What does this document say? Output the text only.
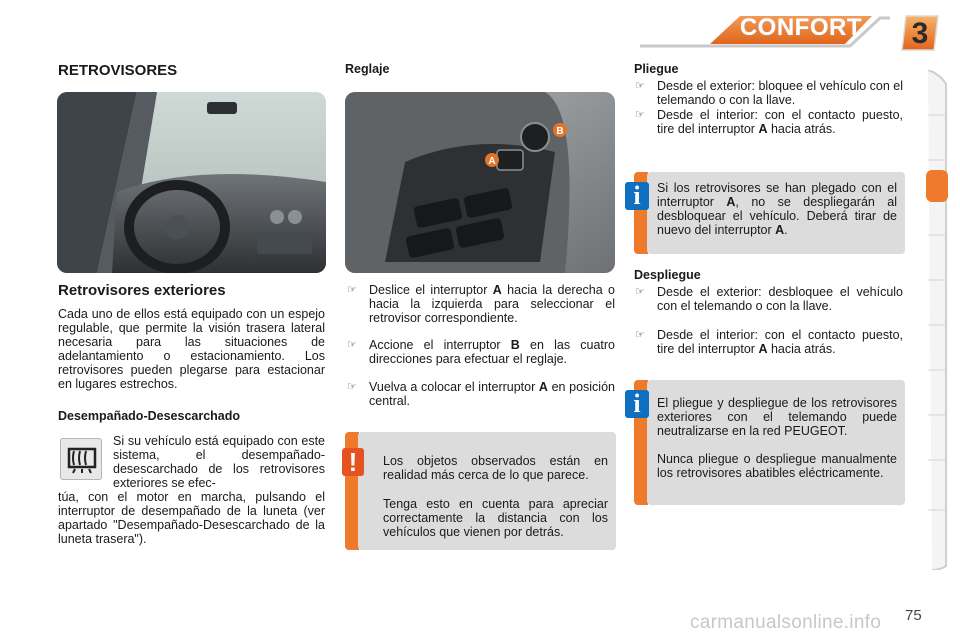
CONFORT	3
RETROVISORES
Retrovisores exteriores
Cada uno de ellos está equipado con un espejo regulable, que permite la visión trasera lateral necesaria para las situaciones de adelantamiento o estacionamiento. Los retrovisores pueden plegarse para estacionar en lugares estrechos.
Desempañado-Desescarchado
Si su vehículo está equipado con este sistema, el desempañado-desescarchado de los retrovisores exteriores se efec-
túa, con el motor en marcha, pulsando el interruptor de desempañado de la luneta (ver apartado "Desempañado-Desescarchado de la luneta trasera").
Reglaje
B
A
☞ Deslice el interruptor A hacia la derecha o hacia la izquierda para seleccionar el retrovisor correspondiente.
☞ Accione el interruptor B en las cuatro direcciones para efectuar el reglaje.
☞ Vuelva a colocar el interruptor A en posición central.
Los objetos observados están en realidad más cerca de lo que parece.
Tenga esto en cuenta para apreciar correctamente la distancia con los vehículos que vienen por detrás.
!
Pliegue
☞ Desde el exterior: bloquee el vehículo con el telemando o con la llave.
☞ Desde el interior: con el contacto puesto, tire del interruptor A hacia atrás.
Si los retrovisores se han plegado con el interruptor A, no se despliegarán al desbloquear el vehículo. Deberá tirar de nuevo del interruptor A.
i
Despliegue
☞ Desde el exterior: desbloquee el vehículo con el telemando o con la llave.
☞ Desde el interior: con el contacto puesto, tire del interruptor A hacia atrás.
El pliegue y despliegue de los retrovisores exteriores con el telemando puede neutralizarse en la red PEUGEOT.
Nunca pliegue o despliegue manualmente los retrovisores abatibles eléctricamente.
i
carmanualsonline.info 75
